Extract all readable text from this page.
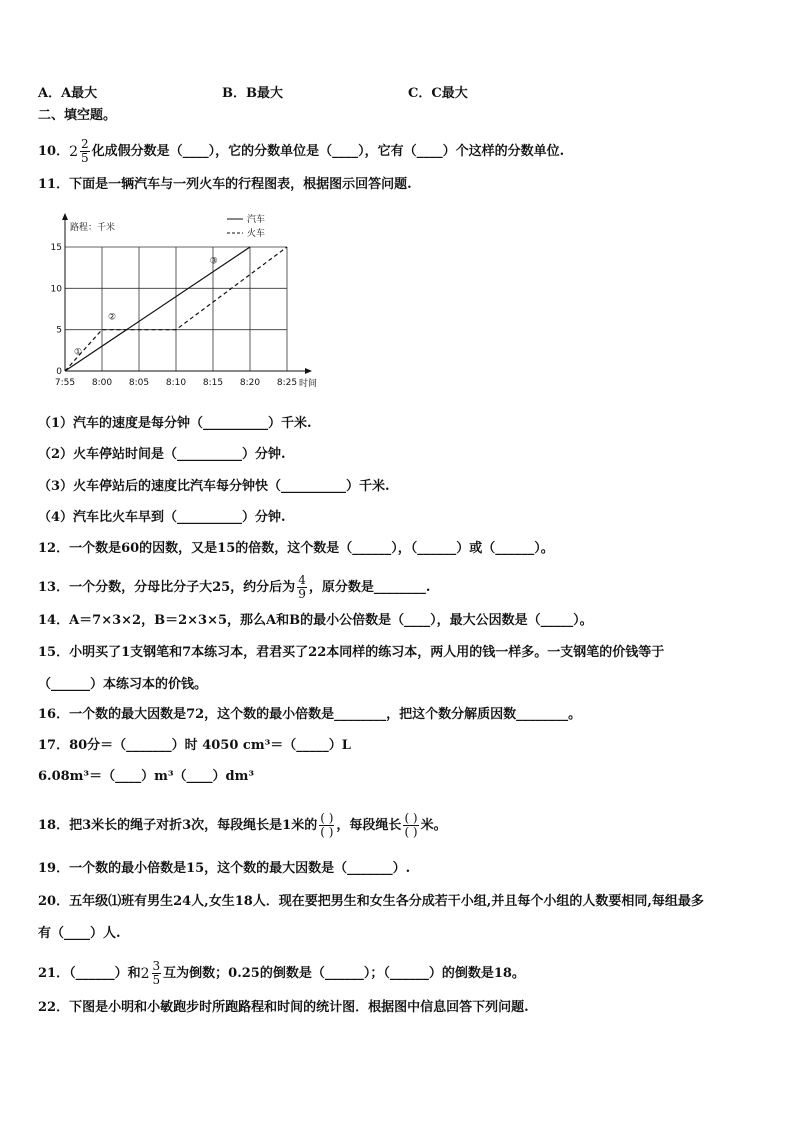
A．A最大	B．B最大	C．C最大
二、填空题。
10． $2 \frac{2}{5}$ 化成假分数是（____），它的分数单位是（____），它有（____）个这样的分数单位.
11．下面是一辆汽车与一列火车的行程图表，根据图示回答问题.
0
5
10
15
7:55 8:00 8:05 8:10 8:15 8:20 8:25
路程：千米
时间
汽车
火车
①
②
③
（1）汽车的速度是每分钟（__________）千米.
（2）火车停站时间是（__________）分钟.
（3）火车停站后的速度比汽车每分钟快（__________）千米.
（4）汽车比火车早到（__________）分钟.
12．一个数是60的因数，又是15的倍数，这个数是（______），（______）或（______）。
13．一个分数，分母比分子大25，约分后为 $\frac{4}{9}$ ，原分数是________.
14．A＝7×3×2，B＝2×3×5，那么A和B的最小公倍数是（____），最大公因数是（_____）。
15．小明买了1支钢笔和7本练习本，君君买了22本同样的练习本，两人用的钱一样多。一支钢笔的价钱等于
（______）本练习本的价钱。
16．一个数的最大因数是72，这个数的最小倍数是________，把这个数分解质因数________。
17．80分＝（_______）时 4050 cm³＝（_____）L
6.08m³＝（____）m³（____）dm³
18．把3米长的绳子对折3次，每段绳长是1米的 $\frac{( )}{( )}$ ，每段绳长 $\frac{( )}{( )}$ 米。
19．一个数的最小倍数是15，这个数的最大因数是（_______）.
20．五年级⑴班有男生24人,女生18人．现在要把男生和女生各分成若干小组,并且每个小组的人数要相同,每组最多
有（____）人.
21．（______）和 $2 \frac{3}{5}$ 互为倒数；0.25的倒数是（______）；（______）的倒数是18。
22．下图是小明和小敏跑步时所跑路程和时间的统计图．根据图中信息回答下列问题.
